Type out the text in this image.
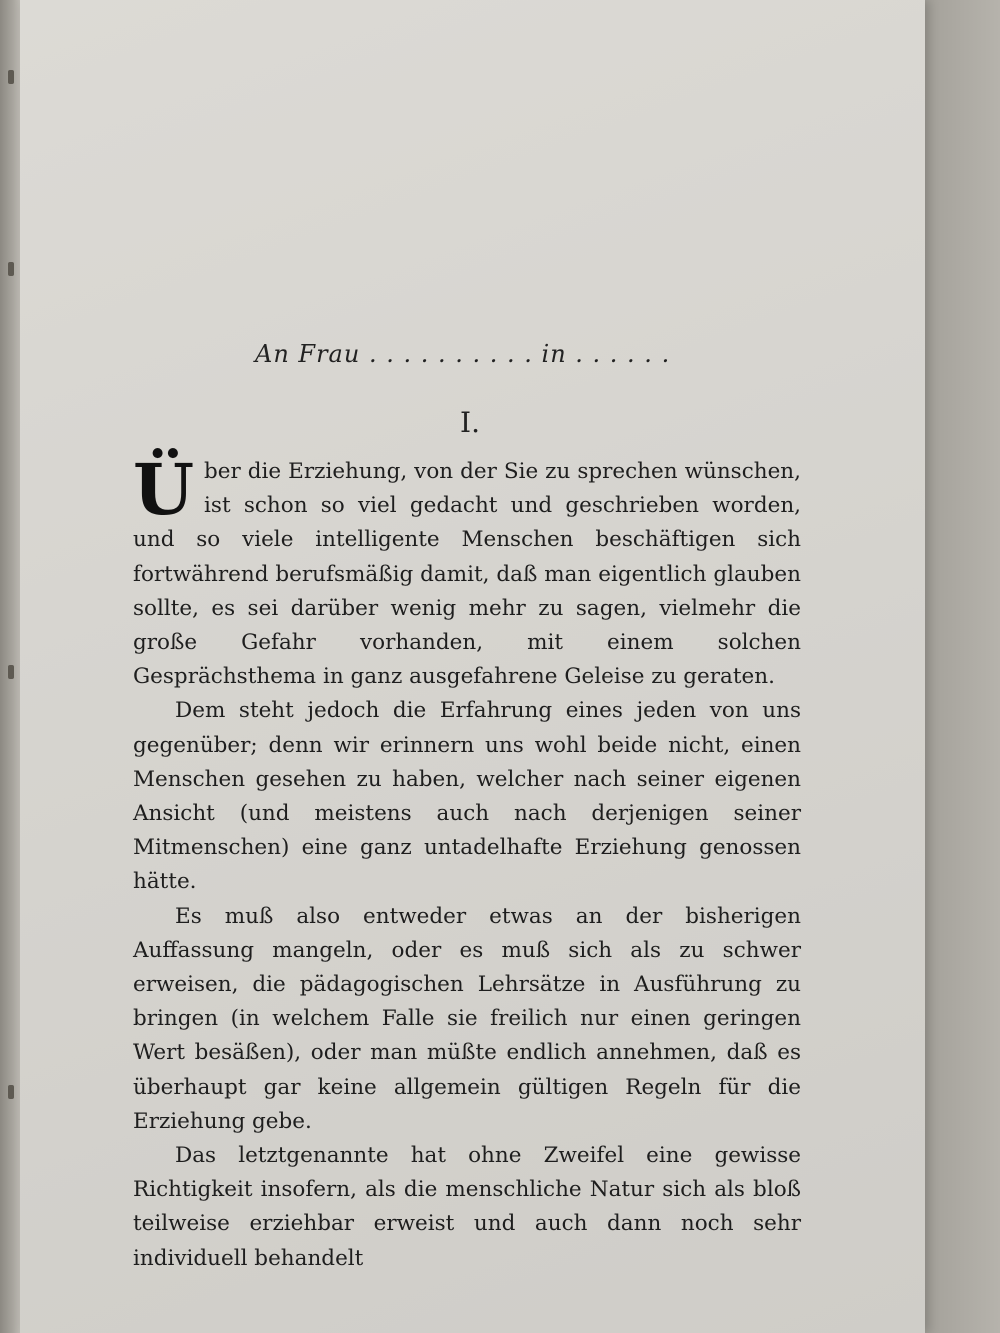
An Frau . . . . . . . . . . in . . . . . .
I.

Über die Erziehung, von der Sie zu sprechen wünschen, ist schon so viel gedacht und geschrieben worden, und so viele intelligente Menschen beschäftigen sich fortwährend berufsmäßig damit, daß man eigentlich glauben sollte, es sei darüber wenig mehr zu sagen, vielmehr die große Gefahr vorhanden, mit einem solchen Gesprächsthema in ganz ausgefahrene Geleise zu geraten.

Dem steht jedoch die Erfahrung eines jeden von uns gegenüber; denn wir erinnern uns wohl beide nicht, einen Menschen gesehen zu haben, welcher nach seiner eigenen Ansicht (und meistens auch nach derjenigen seiner Mitmenschen) eine ganz untadelhafte Erziehung genossen hätte.

Es muß also entweder etwas an der bisherigen Auffassung mangeln, oder es muß sich als zu schwer erweisen, die pädagogischen Lehrsätze in Ausführung zu bringen (in welchem Falle sie freilich nur einen geringen Wert besäßen), oder man müßte endlich annehmen, daß es überhaupt gar keine allgemein gültigen Regeln für die Erziehung gebe.

Das letztgenannte hat ohne Zweifel eine gewisse Richtigkeit insofern, als die menschliche Natur sich als bloß teilweise erziehbar erweist und auch dann noch sehr individuell behandelt
